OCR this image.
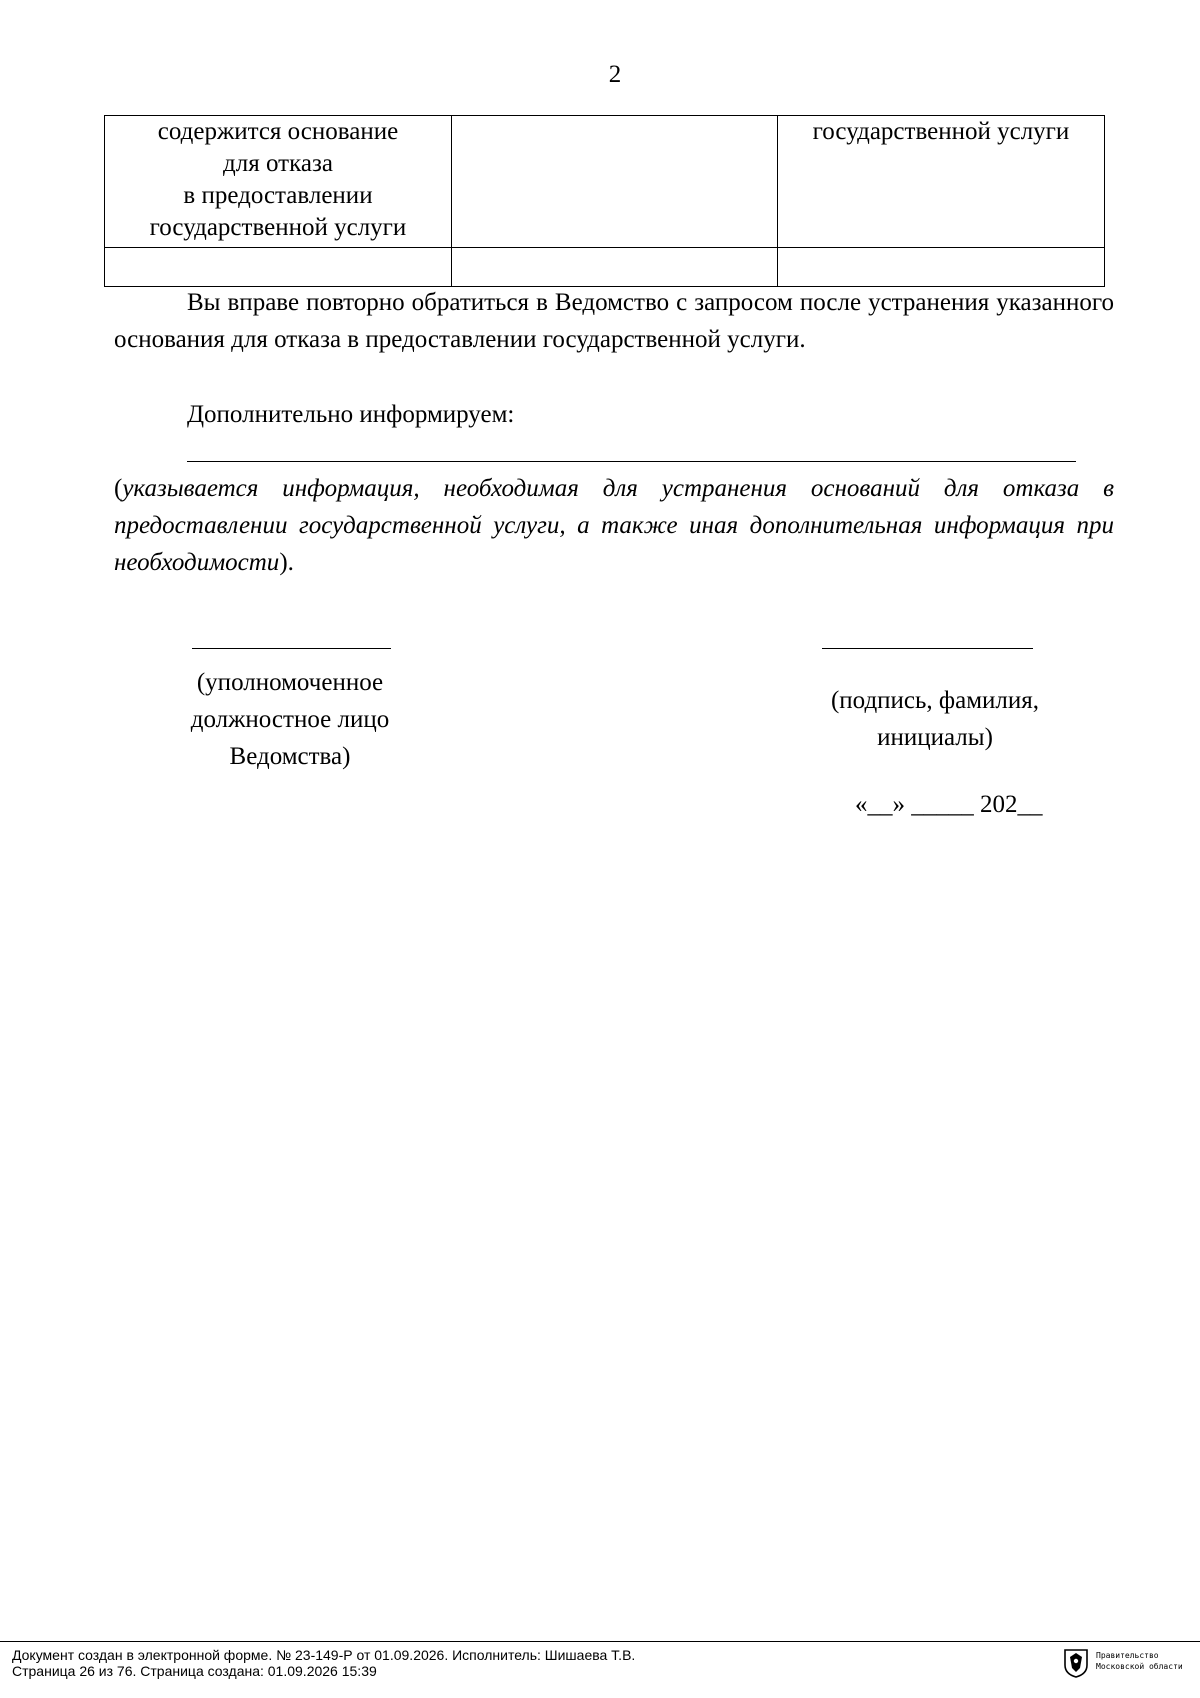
2
содержится основание
для отказа
в предоставлении
государственной услуги		государственной услуги

Вы вправе повторно обратиться в Ведомство с запросом после устранения указанного основания для отказа в предоставлении государственной услуги.
Дополнительно информируем:
(указывается информация, необходимая для устранения оснований для отказа в предоставлении государственной услуги, а также иная дополнительная информация при необходимости).
(уполномоченное
должностное лицо
Ведомства)
(подпись, фамилия,
инициалы)
«__» _____ 202__
Документ создан в электронной форме. № 23-149-Р от 01.09.2026. Исполнитель: Шишаева Т.В.
Страница 26 из 76. Страница создана: 01.09.2026 15:39
Правительство
Московской области
